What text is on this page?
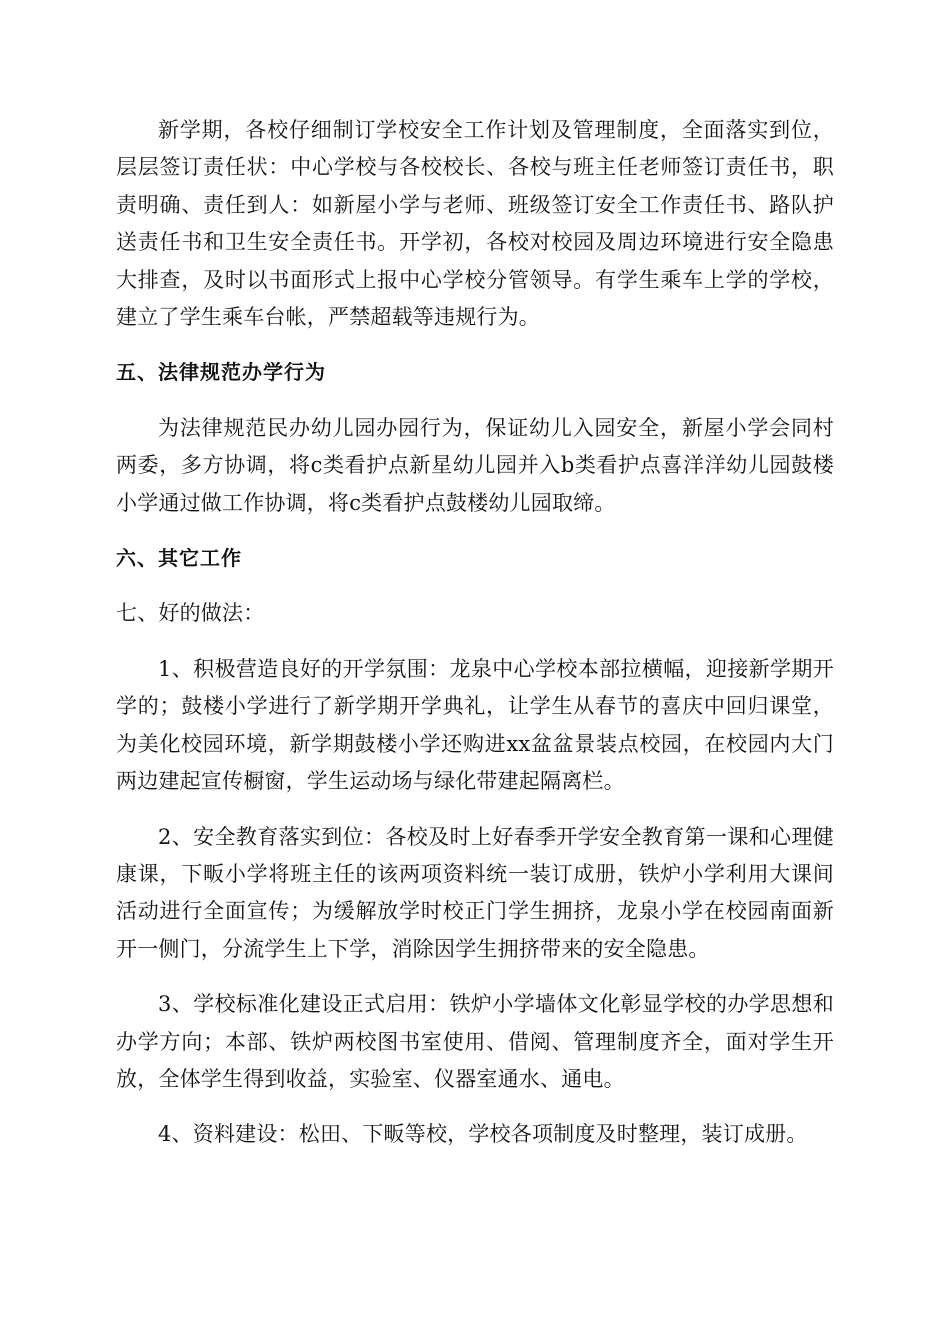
新学期，各校仔细制订学校安全工作计划及管理制度，全面落实到位，层层签订责任状：中心学校与各校校长、各校与班主任老师签订责任书，职责明确、责任到人：如新屋小学与老师、班级签订安全工作责任书、路队护送责任书和卫生安全责任书。开学初，各校对校园及周边环境进行安全隐患大排查，及时以书面形式上报中心学校分管领导。有学生乘车上学的学校，建立了学生乘车台帐，严禁超载等违规行为。

五、法律规范办学行为

为法律规范民办幼儿园办园行为，保证幼儿入园安全，新屋小学会同村两委，多方协调，将c类看护点新星幼儿园并入b类看护点喜洋洋幼儿园鼓楼小学通过做工作协调，将c类看护点鼓楼幼儿园取缔。

六、其它工作

七、好的做法：

1、积极营造良好的开学氛围：龙泉中心学校本部拉横幅，迎接新学期开学的；鼓楼小学进行了新学期开学典礼，让学生从春节的喜庆中回归课堂，为美化校园环境，新学期鼓楼小学还购进xx盆盆景装点校园，在校园内大门两边建起宣传橱窗，学生运动场与绿化带建起隔离栏。

2、安全教育落实到位：各校及时上好春季开学安全教育第一课和心理健康课，下畈小学将班主任的该两项资料统一装订成册，铁炉小学利用大课间活动进行全面宣传；为缓解放学时校正门学生拥挤，龙泉小学在校园南面新开一侧门，分流学生上下学，消除因学生拥挤带来的安全隐患。

3、学校标准化建设正式启用：铁炉小学墙体文化彰显学校的办学思想和办学方向；本部、铁炉两校图书室使用、借阅、管理制度齐全，面对学生开放，全体学生得到收益，实验室、仪器室通水、通电。

4、资料建设：松田、下畈等校，学校各项制度及时整理，装订成册。
